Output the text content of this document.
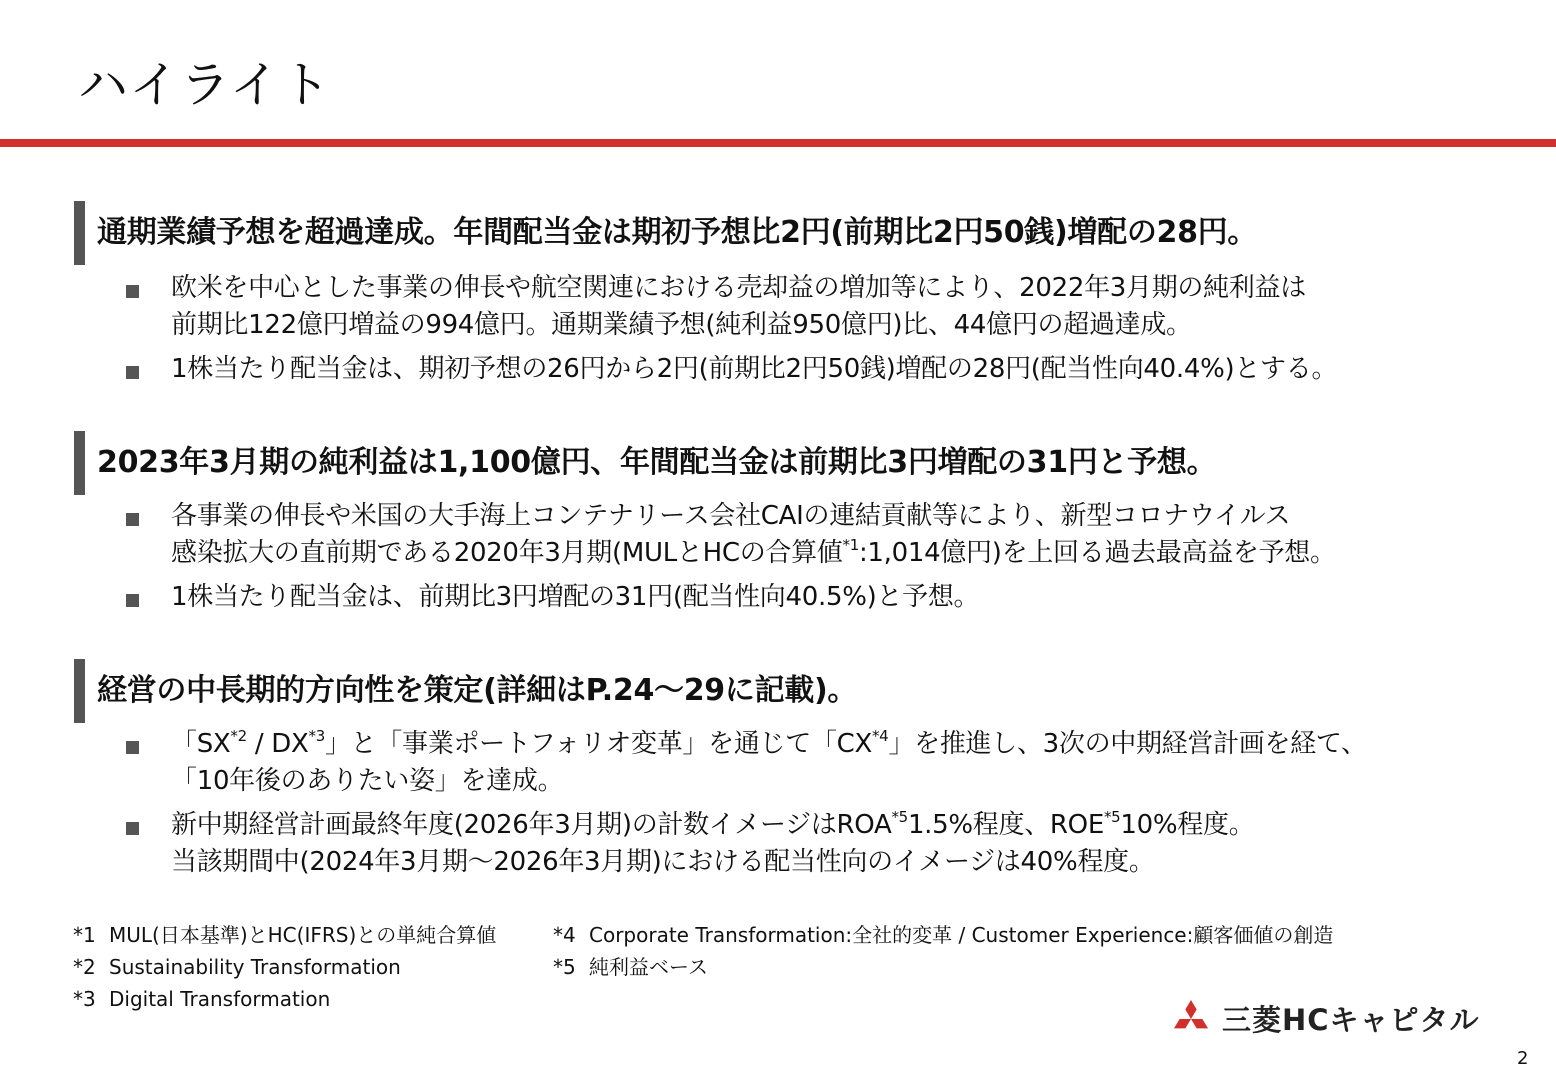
ハイライト
通期業績予想を超過達成。年間配当金は期初予想比2円(前期比2円50銭)増配の28円。
欧米を中心とした事業の伸長や航空関連における売却益の増加等により、2022年3月期の純利益は
前期比122億円増益の994億円。通期業績予想(純利益950億円)比、44億円の超過達成。
1株当たり配当金は、期初予想の26円から2円(前期比2円50銭)増配の28円(配当性向40.4%)とする。
2023年3月期の純利益は1,100億円、年間配当金は前期比3円増配の31円と予想。
各事業の伸長や米国の大手海上コンテナリース会社CAIの連結貢献等により、新型コロナウイルス
感染拡大の直前期である2020年3月期(MULとHCの合算値$^{*1}$:1,014億円)を上回る過去最高益を予想。
1株当たり配当金は、前期比3円増配の31円(配当性向40.5%)と予想。
経営の中長期的方向性を策定(詳細はP.24～29に記載)。
「SX$^{*2}$ / DX$^{*3}$」と「事業ポートフォリオ変革」を通じて「CX$^{*4}$」を推進し、3次の中期経営計画を経て、
「10年後のありたい姿」を達成。
新中期経営計画最終年度(2026年3月期)の計数イメージはROA$^{*5}$1.5%程度、ROE$^{*5}$10%程度。
当該期間中(2024年3月期～2026年3月期)における配当性向のイメージは40%程度。
*1 MUL(日本基準)とHC(IFRS)との単純合算値
*2 Sustainability Transformation
*3 Digital Transformation
*4 Corporate Transformation:全社的変革 / Customer Experience:顧客価値の創造
*5 純利益ベース
三菱HCキャピタル
2
